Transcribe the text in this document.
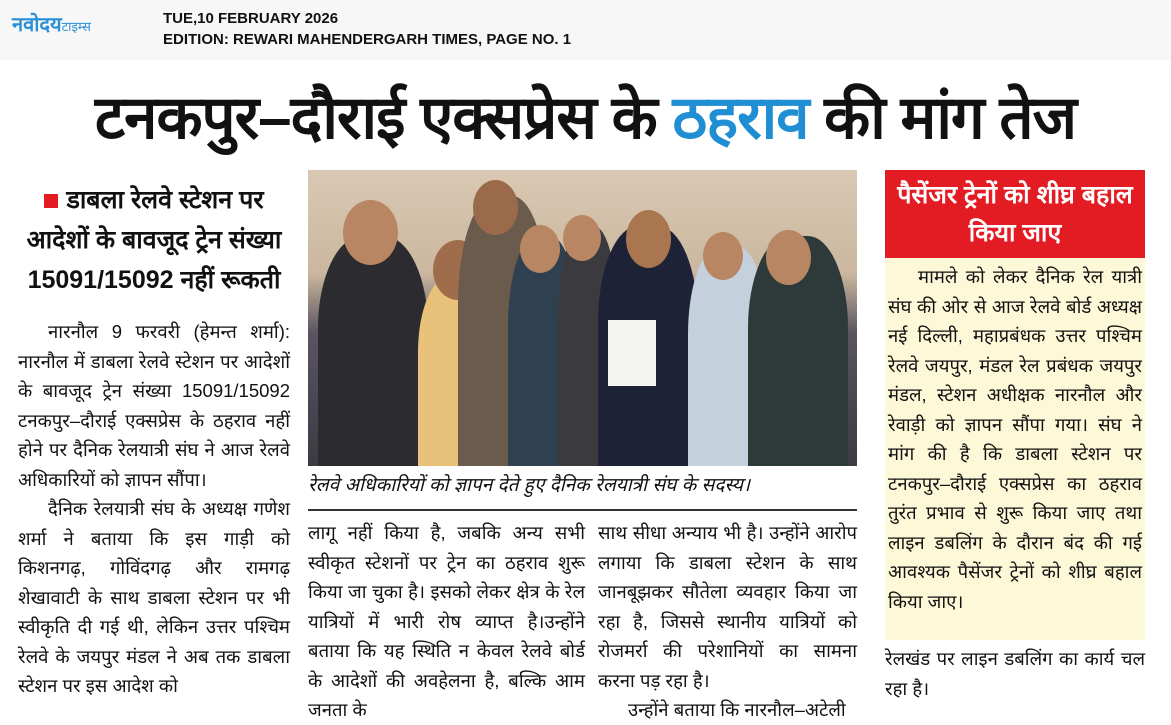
नवोदयटाइम्स	TUE,10 FEBRUARY 2026
EDITION: REWARI MAHENDERGARH TIMES, PAGE NO. 1
टनकपुर–दौराई एक्सप्रेस के ठहराव की मांग तेज
डाबला रेलवे स्टेशन पर आदेशों के बावजूद ट्रेन संख्या 15091/15092 नहीं रूकती

नारनौल 9 फरवरी (हेमन्त शर्मा): नारनौल में डाबला रेलवे स्टेशन पर आदेशों के बावजूद ट्रेन संख्या 15091/15092 टनकपुर–दौराई एक्सप्रेस के ठहराव नहीं होने पर दैनिक रेलयात्री संघ ने आज रेलवे अधिकारियों को ज्ञापन सौंपा।

दैनिक रेलयात्री संघ के अध्यक्ष गणेश शर्मा ने बताया कि इस गाड़ी को किशनगढ़, गोविंदगढ़ और रामगढ़ शेखावाटी के साथ डाबला स्टेशन पर भी स्वीकृति दी गई थी, लेकिन उत्तर पश्चिम रेलवे के जयपुर मंडल ने अब तक डाबला स्टेशन पर इस आदेश को

रेलवे अधिकारियों को ज्ञापन देते हुए दैनिक रेलयात्री संघ के सदस्य।
लागू नहीं किया है, जबकि अन्य सभी स्वीकृत स्टेशनों पर ट्रेन का ठहराव शुरू किया जा चुका है। इसको लेकर क्षेत्र के रेल यात्रियों में भारी रोष व्याप्त है।उन्होंने बताया कि यह स्थिति न केवल रेलवे बोर्ड के आदेशों की अवहेलना है, बल्कि आम जनता के
साथ सीधा अन्याय भी है। उन्होंने आरोप लगाया कि डाबला स्टेशन के साथ जानबूझकर सौतेला व्यवहार किया जा रहा है, जिससे स्थानीय यात्रियों को रोजमर्रा की परेशानियों का सामना करना पड़ रहा है।

उन्होंने बताया कि नारनौल–अटेली

पैसेंजर ट्रेनों को शीघ्र बहाल किया जाए

मामले को लेकर दैनिक रेल यात्री संघ की ओर से आज रेलवे बोर्ड अध्यक्ष नई दिल्ली, महाप्रबंधक उत्तर पश्चिम रेलवे जयपुर, मंडल रेल प्रबंधक जयपुर मंडल, स्टेशन अधीक्षक नारनौल और रेवाड़ी को ज्ञापन सौंपा गया। संघ ने मांग की है कि डाबला स्टेशन पर टनकपुर–दौराई एक्सप्रेस का ठहराव तुरंत प्रभाव से शुरू किया जाए तथा लाइन डबलिंग के दौरान बंद की गई आवश्यक पैसेंजर ट्रेनों को शीघ्र बहाल किया जाए।

रेलखंड पर लाइन डबलिंग का कार्य चल रहा है।
